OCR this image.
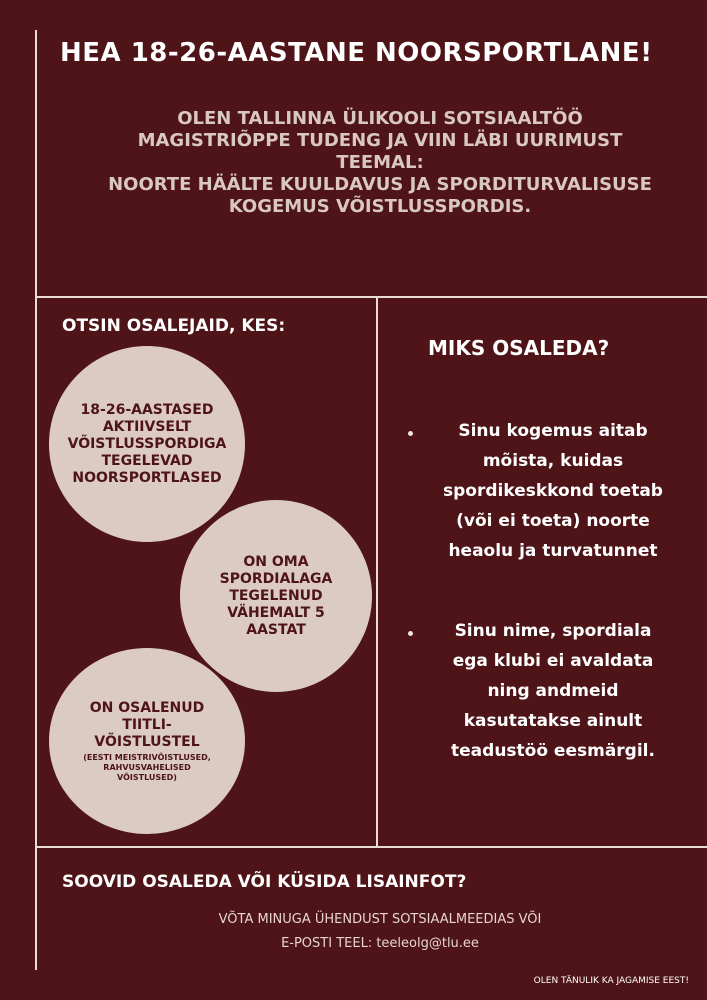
HEA 18-26-AASTANE NOORSPORTLANE!
OLEN TALLINNA ÜLIKOOLI SOTSIAALTÖÖ
MAGISTRIÕPPE TUDENG JA VIIN LÄBI UURIMUST
TEEMAL:
NOORTE HÄÄLTE KUULDAVUS JA SPORDITURVALISUSE
KOGEMUS VÕISTLUSSPORDIS.
OTSIN OSALEJAID, KES:
18-26-AASTASED
AKTIIVSELT
VÕISTLUSSPORDIGA
TEGELEVAD
NOORSPORTLASED
ON OMA
SPORDIALAGA
TEGELENUD
VÄHEMALT 5
AASTAT
ON OSALENUD
TIITLI-
VÕISTLUSTEL
(EESTI MEISTRIVÕISTLUSED,
RAHVUSVAHELISED
VÕISTLUSED)
MIKS OSALEDA?
Sinu kogemus aitab
mõista, kuidas
spordikeskkond toetab
(või ei toeta) noorte
heaolu ja turvatunnet
Sinu nime, spordiala
ega klubi ei avaldata
ning andmeid
kasutatakse ainult
teadustöö eesmärgil.
SOOVID OSALEDA VÕI KÜSIDA LISAINFOT?
VÕTA MINUGA ÜHENDUST SOTSIAALMEEDIAS VÕI
E-POSTI TEEL: teeleolg@tlu.ee
OLEN TÄNULIK KA JAGAMISE EEST!
